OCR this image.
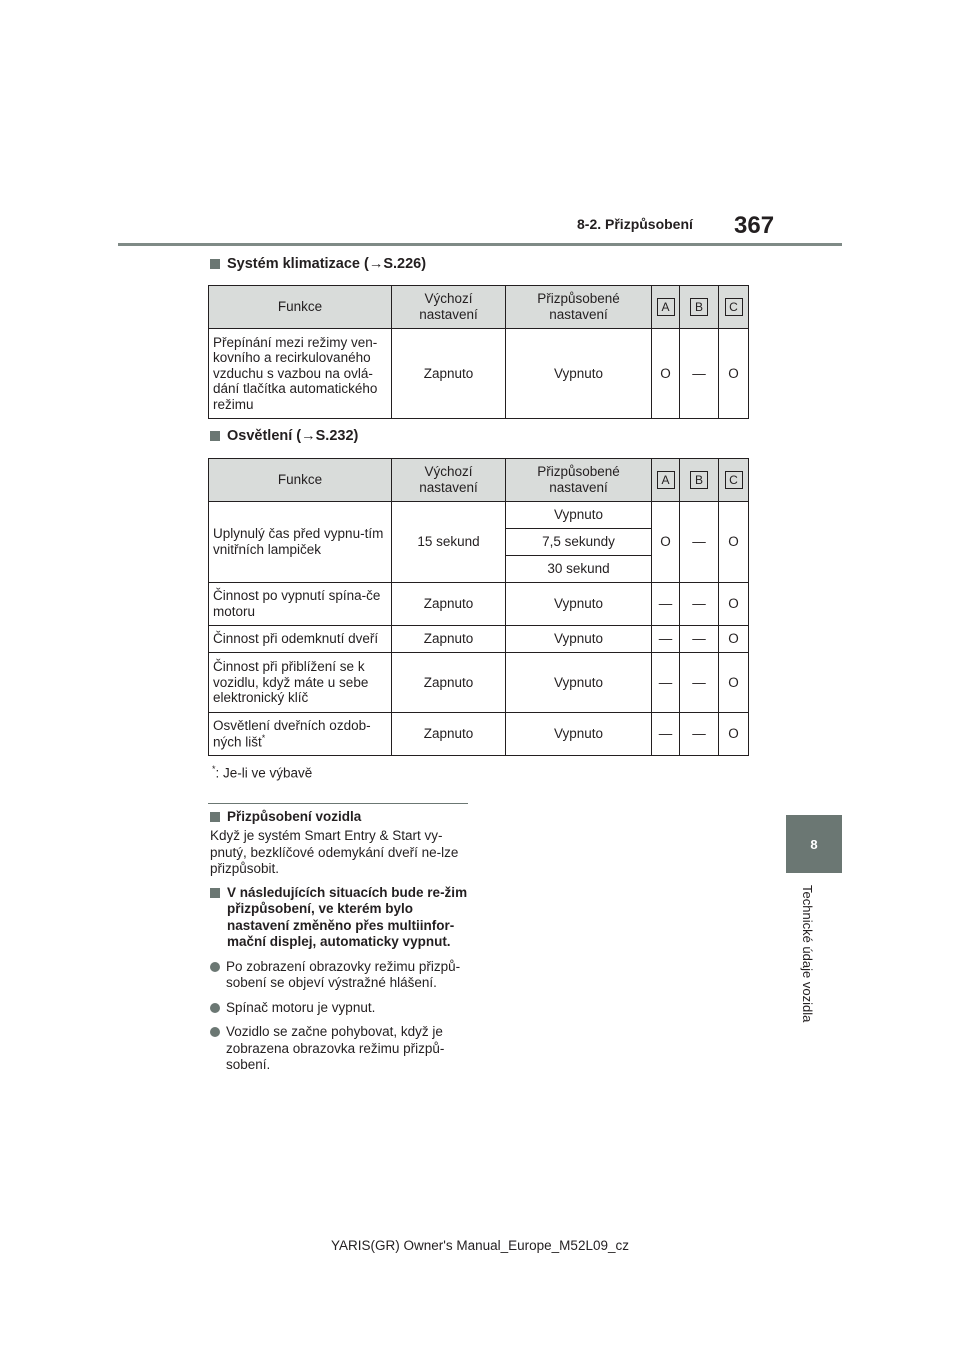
8-2. Přizpůsobení 367
8
Technické údaje vozidla
Systém klimatizace (→S.226)
Funkce	Výchozí nastavení	Přizpůsobené nastavení	A	B	C
Přepínání mezi režimy ven-kovního a recirkulovaného vzduchu s vazbou na ovlá-dání tlačítka automatického režimu	Zapnuto	Vypnuto	O	—	O
Osvětlení (→S.232)
Funkce	Výchozí nastavení	Přizpůsobené nastavení	A	B	C
Uplynulý čas před vypnu-tím vnitřních lampiček	15 sekund	Vypnuto	O	—	O
		7,5 sekundy			
		30 sekund			
Činnost po vypnutí spína-če motoru	Zapnuto	Vypnuto	—	—	O
Činnost při odemknutí dveří	Zapnuto	Vypnuto	—	—	O
Činnost při přiblížení se k vozidlu, když máte u sebe elektronický klíč	Zapnuto	Vypnuto	—	—	O
Osvětlení dveřních ozdob-ných lišt*	Zapnuto	Vypnuto	—	—	O
*: Je-li ve výbavě
Přizpůsobení vozidla
Když je systém Smart Entry & Start vy-pnutý, bezklíčové odemykání dveří ne-lze přizpůsobit.
V následujících situacích bude re-žim přizpůsobení, ve kterém bylo nastavení změněno přes multiinfor-mační displej, automaticky vypnut.
Po zobrazení obrazovky režimu přizpů-sobení se objeví výstražné hlášení.
Spínač motoru je vypnut.
Vozidlo se začne pohybovat, když je zobrazena obrazovka režimu přizpů-sobení.
YARIS(GR) Owner's Manual_Europe_M52L09_cz
